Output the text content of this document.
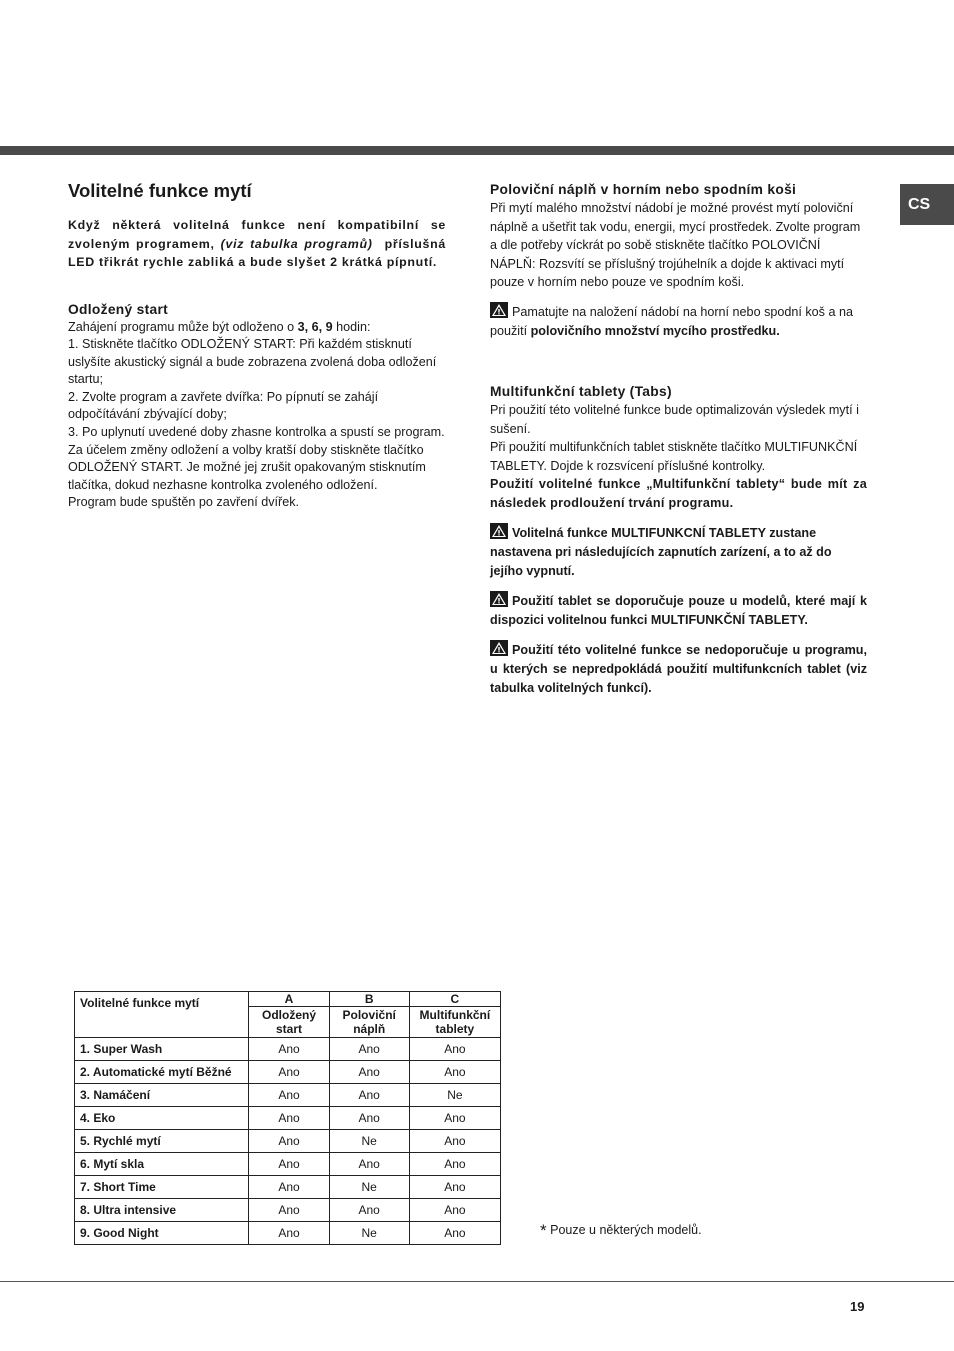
CS
Volitelné funkce mytí

Když některá volitelná funkce není kompatibilní se zvoleným programem, (viz tabulka programů) příslušná LED třikrát rychle zabliká a bude slyšet 2 krátká pípnutí.

Odložený start

Zahájení programu může být odloženo o 3, 6, 9 hodin:

1. Stiskněte tlačítko ODLOŽENÝ START: Při každém stisknutí uslyšíte akustický signál a bude zobrazena zvolená doba odložení startu;

2. Zvolte program a zavřete dvířka: Po pípnutí se zahájí odpočítávání zbývající doby;

3. Po uplynutí uvedené doby zhasne kontrolka a spustí se program.

Za účelem změny odložení a volby kratší doby stiskněte tlačítko ODLOŽENÝ START. Je možné jej zrušit opakovaným stisknutím tlačítka, dokud nezhasne kontrolka zvoleného odložení.

Program bude spuštěn po zavření dvířek.

Poloviční náplň v horním nebo spodním koši

Při mytí malého množství nádobí je možné provést mytí poloviční náplně a ušetřit tak vodu, energii, mycí prostředek. Zvolte program a dle potřeby víckrát po sobě stiskněte tlačítko POLOVIČNÍ NÁPLŇ: Rozsvítí se příslušný trojúhelník a dojde k aktivaci mytí pouze v horním nebo pouze ve spodním koši.

Pamatujte na naložení nádobí na horní nebo spodní koš a na použití polovičního množství mycího prostředku.

Multifunkční tablety (Tabs)

Pri použití této volitelné funkce bude optimalizován výsledek mytí i sušení.

Při použití multifunkčních tablet stiskněte tlačítko MULTIFUNKČNÍ TABLETY. Dojde k rozsvícení příslušné kontrolky.

Použití volitelné funkce „Multifunkční tablety“ bude mít za následek prodloužení trvání programu.

Volitelná funkce MULTIFUNKCNÍ TABLETY zustane nastavena pri následujících zapnutích zarízení, a to až do jejího vypnutí.

Použití tablet se doporučuje pouze u modelů, které mají k dispozici volitelnou funkci MULTIFUNKČNÍ TABLETY.

Použití této volitelné funkce se nedoporučuje u programu, u kterých se nepredpokládá použití multifunkcních tablet (viz tabulka volitelných funkcí).

Volitelné funkce mytí	A	B	C
	Odložený start	Poloviční náplň	Multifunkční tablety
1. Super Wash	Ano	Ano	Ano
2. Automatické mytí Běžné	Ano	Ano	Ano
3. Namáčení	Ano	Ano	Ne
4. Eko	Ano	Ano	Ano
5. Rychlé mytí	Ano	Ne	Ano
6. Mytí skla	Ano	Ano	Ano
7. Short Time	Ano	Ne	Ano
8. Ultra intensive	Ano	Ano	Ano
9. Good Night	Ano	Ne	Ano	* Pouze u některých modelů.
19
